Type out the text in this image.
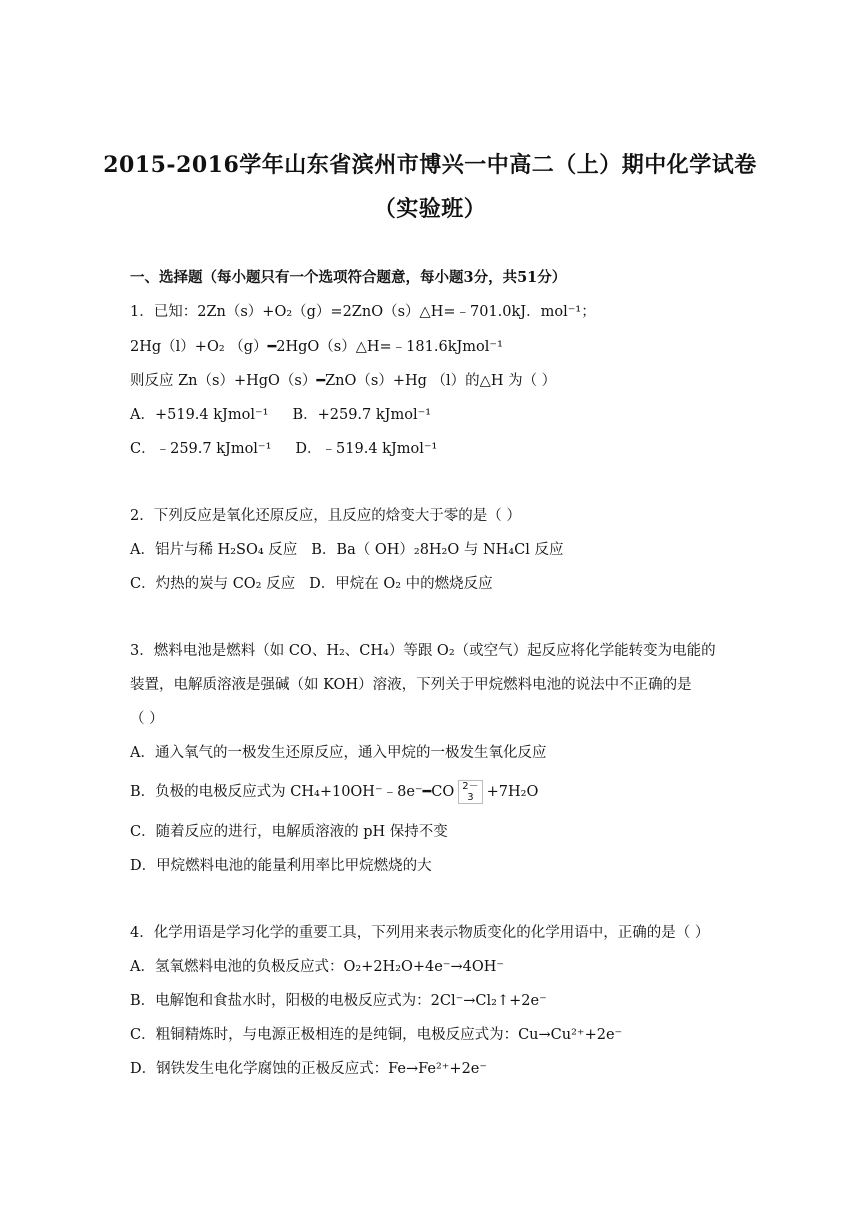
2015-2016学年山东省滨州市博兴一中高二（上）期中化学试卷
（实验班）
一、选择题（每小题只有一个选项符合题意，每小题3分，共51分）
1．已知：2Zn（s）+O₂（g）=2ZnO（s）△H=﹣701.0kJ．mol⁻¹；
2Hg（l）+O₂ （g）━2HgO（s）△H=﹣181.6kJmol⁻¹
则反应 Zn（s）+HgO（s）━ZnO（s）+Hg （l）的△H 为（ ）
A．+519.4 kJmol⁻¹ B．+259.7 kJmol⁻¹
C．﹣259.7 kJmol⁻¹ D．﹣519.4 kJmol⁻¹
2．下列反应是氧化还原反应，且反应的焓变大于零的是（ ）
A．铝片与稀 H₂SO₄ 反应 B．Ba（ OH）₂8H₂O 与 NH₄Cl 反应
C．灼热的炭与 CO₂ 反应 D．甲烷在 O₂ 中的燃烧反应
3．燃料电池是燃料（如 CO、H₂、CH₄）等跟 O₂（或空气）起反应将化学能转变为电能的
装置，电解质溶液是强碱（如 KOH）溶液，下列关于甲烷燃料电池的说法中不正确的是
（ ）
A．通入氧气的一极发生还原反应，通入甲烷的一极发生氧化反应
B．负极的电极反应式为 CH₄+10OH⁻﹣8e⁻━CO 2－
3 +7H₂O
C．随着反应的进行，电解质溶液的 pH 保持不变
D．甲烷燃料电池的能量利用率比甲烷燃烧的大
4．化学用语是学习化学的重要工具，下列用来表示物质变化的化学用语中，正确的是（ ）
A．氢氧燃料电池的负极反应式：O₂+2H₂O+4e⁻→4OH⁻
B．电解饱和食盐水时，阳极的电极反应式为：2Cl⁻→Cl₂↑+2e⁻
C．粗铜精炼时，与电源正极相连的是纯铜，电极反应式为：Cu→Cu²⁺+2e⁻
D．钢铁发生电化学腐蚀的正极反应式：Fe→Fe²⁺+2e⁻
